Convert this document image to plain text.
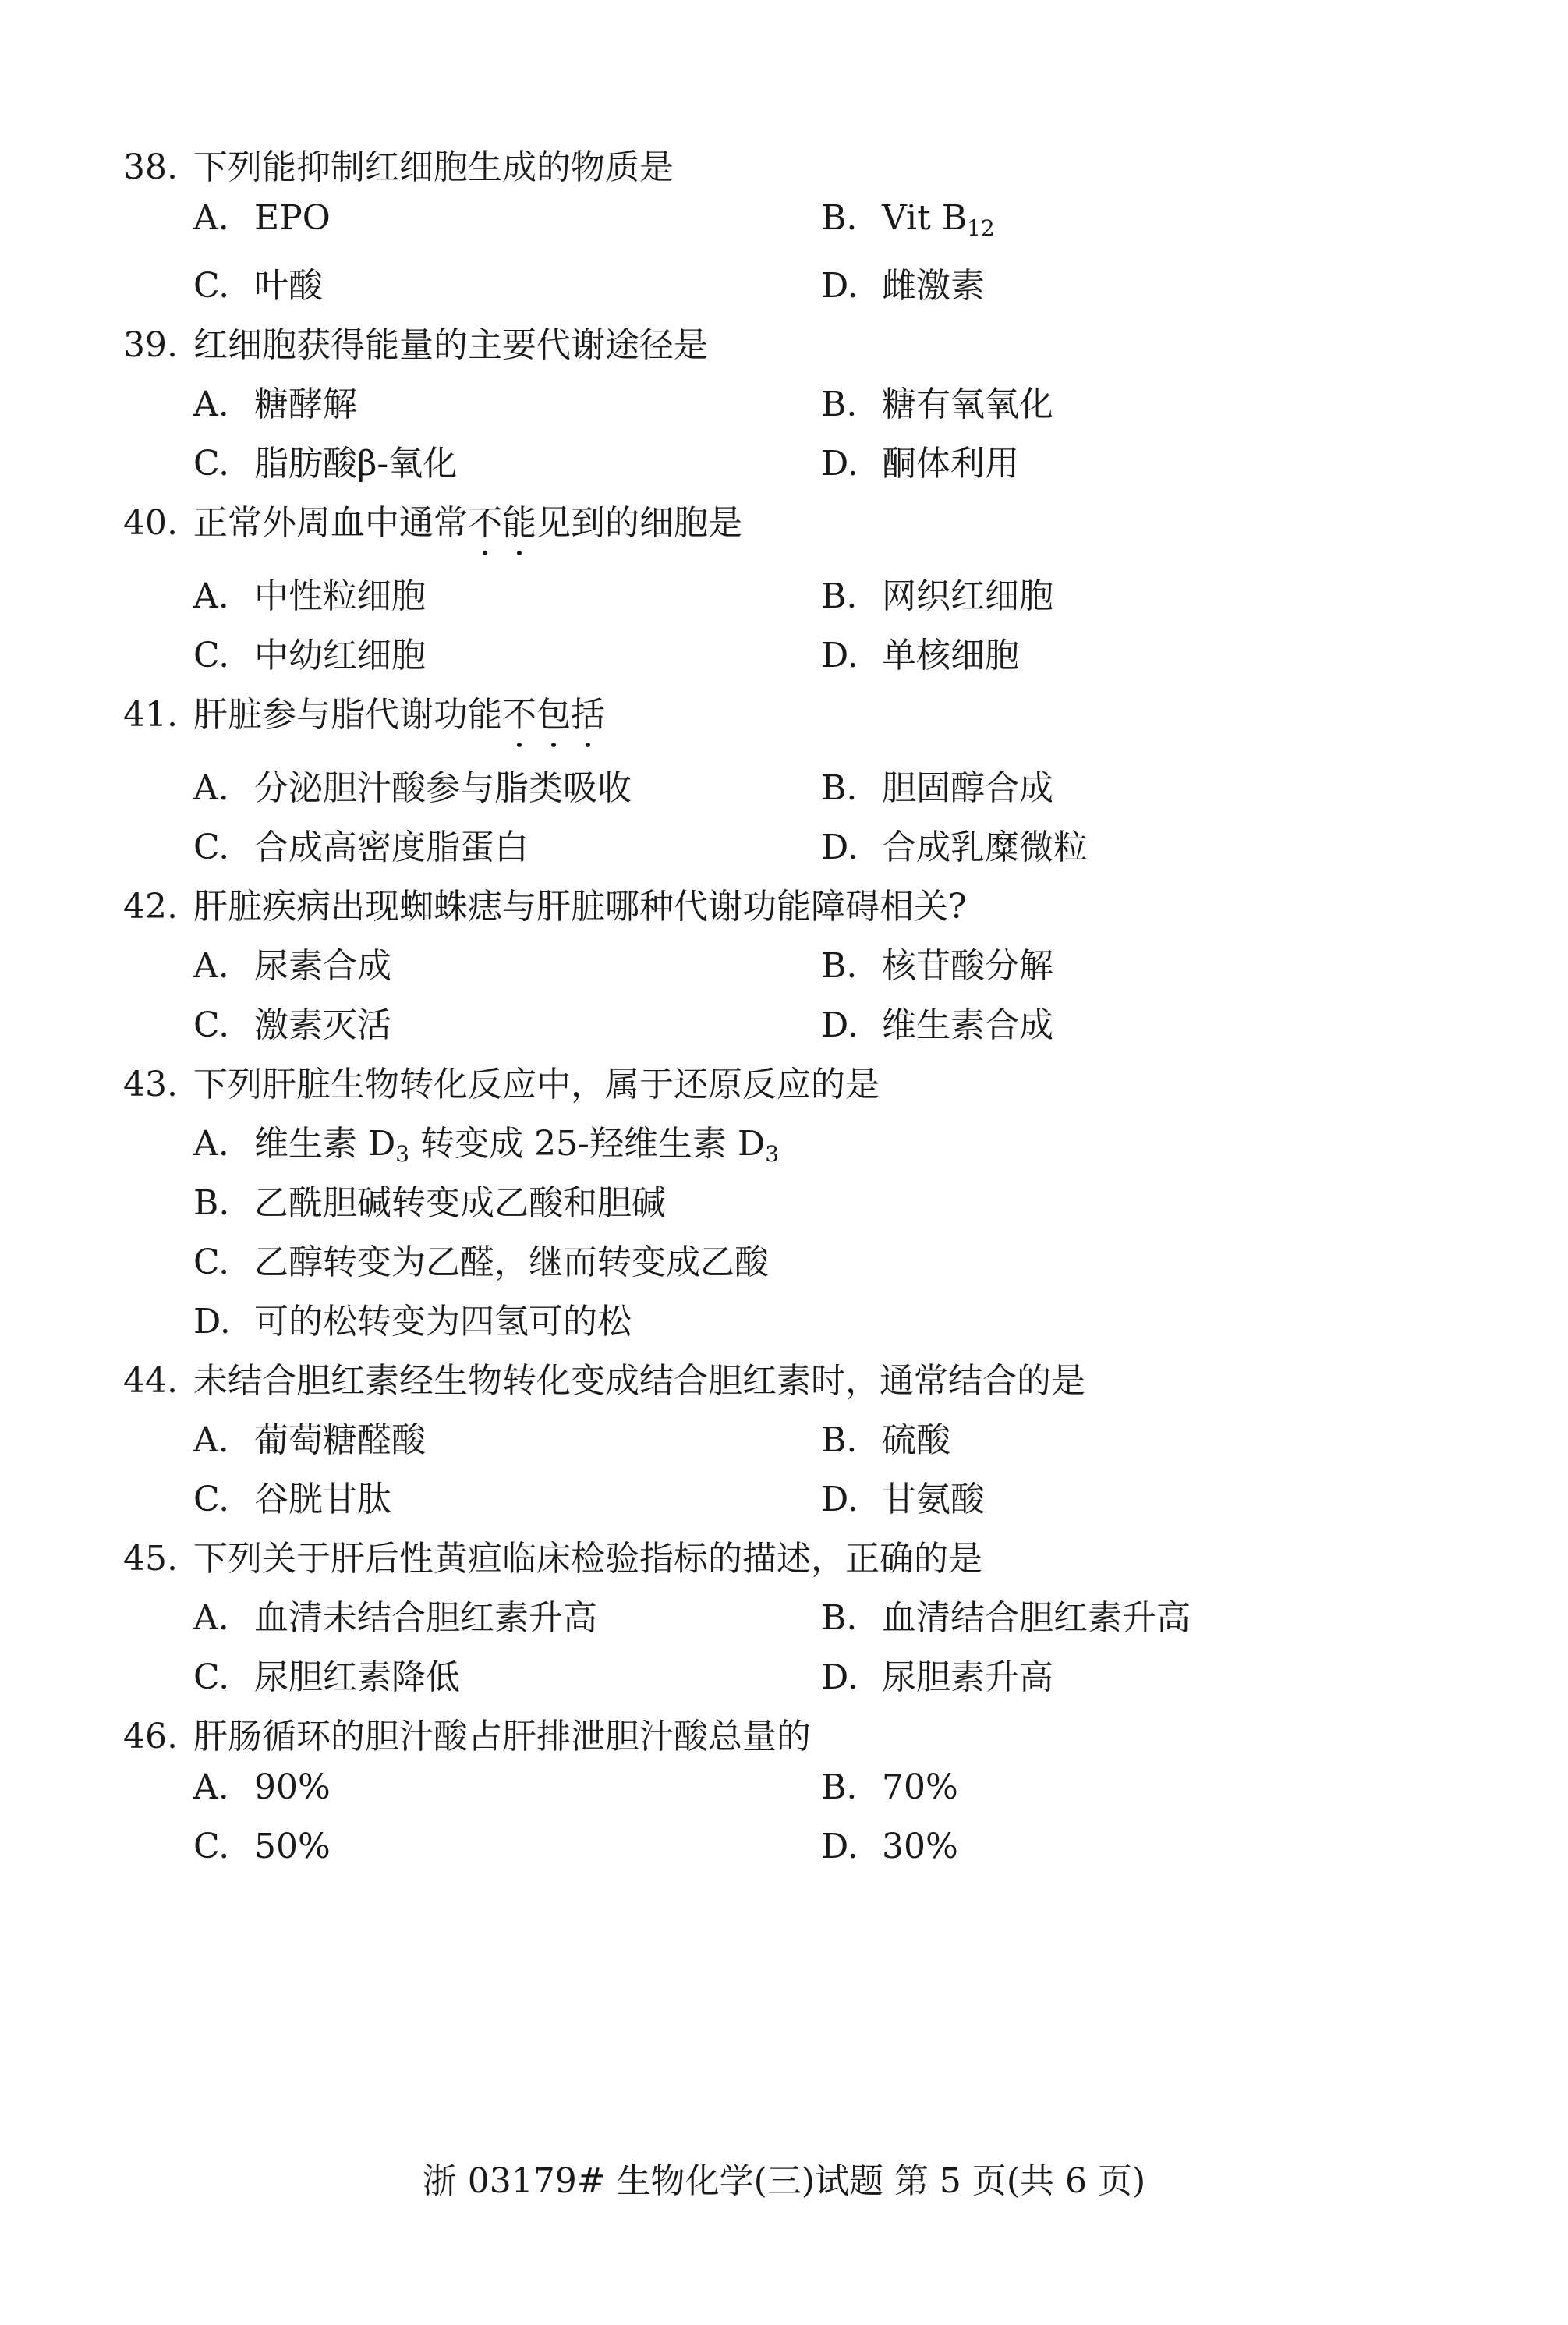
38. 下列能抑制红细胞生成的物质是
A. EPO	B. Vit $B_{12}$
C. 叶酸	D. 雌激素
39. 红细胞获得能量的主要代谢途径是
A. 糖酵解	B. 糖有氧氧化
C. 脂肪酸β-氧化	D. 酮体利用
40. 正常外周血中通常不能见到的细胞是
A. 中性粒细胞	B. 网织红细胞
C. 中幼红细胞	D. 单核细胞
41. 肝脏参与脂代谢功能不包括
A. 分泌胆汁酸参与脂类吸收	B. 胆固醇合成
C. 合成高密度脂蛋白	D. 合成乳糜微粒
42. 肝脏疾病出现蜘蛛痣与肝脏哪种代谢功能障碍相关?
A. 尿素合成	B. 核苷酸分解
C. 激素灭活	D. 维生素合成
43. 下列肝脏生物转化反应中，属于还原反应的是
A. 维生素 $D_3$ 转变成 25-羟维生素 $D_3$
B. 乙酰胆碱转变成乙酸和胆碱
C. 乙醇转变为乙醛，继而转变成乙酸
D. 可的松转变为四氢可的松
44. 未结合胆红素经生物转化变成结合胆红素时，通常结合的是
A. 葡萄糖醛酸	B. 硫酸
C. 谷胱甘肽	D. 甘氨酸
45. 下列关于肝后性黄疸临床检验指标的描述，正确的是
A. 血清未结合胆红素升高	B. 血清结合胆红素升高
C. 尿胆红素降低	D. 尿胆素升高
46. 肝肠循环的胆汁酸占肝排泄胆汁酸总量的
A. 90%	B. 70%
C. 50%	D. 30%
浙 03179# 生物化学(三)试题 第 5 页(共 6 页)
